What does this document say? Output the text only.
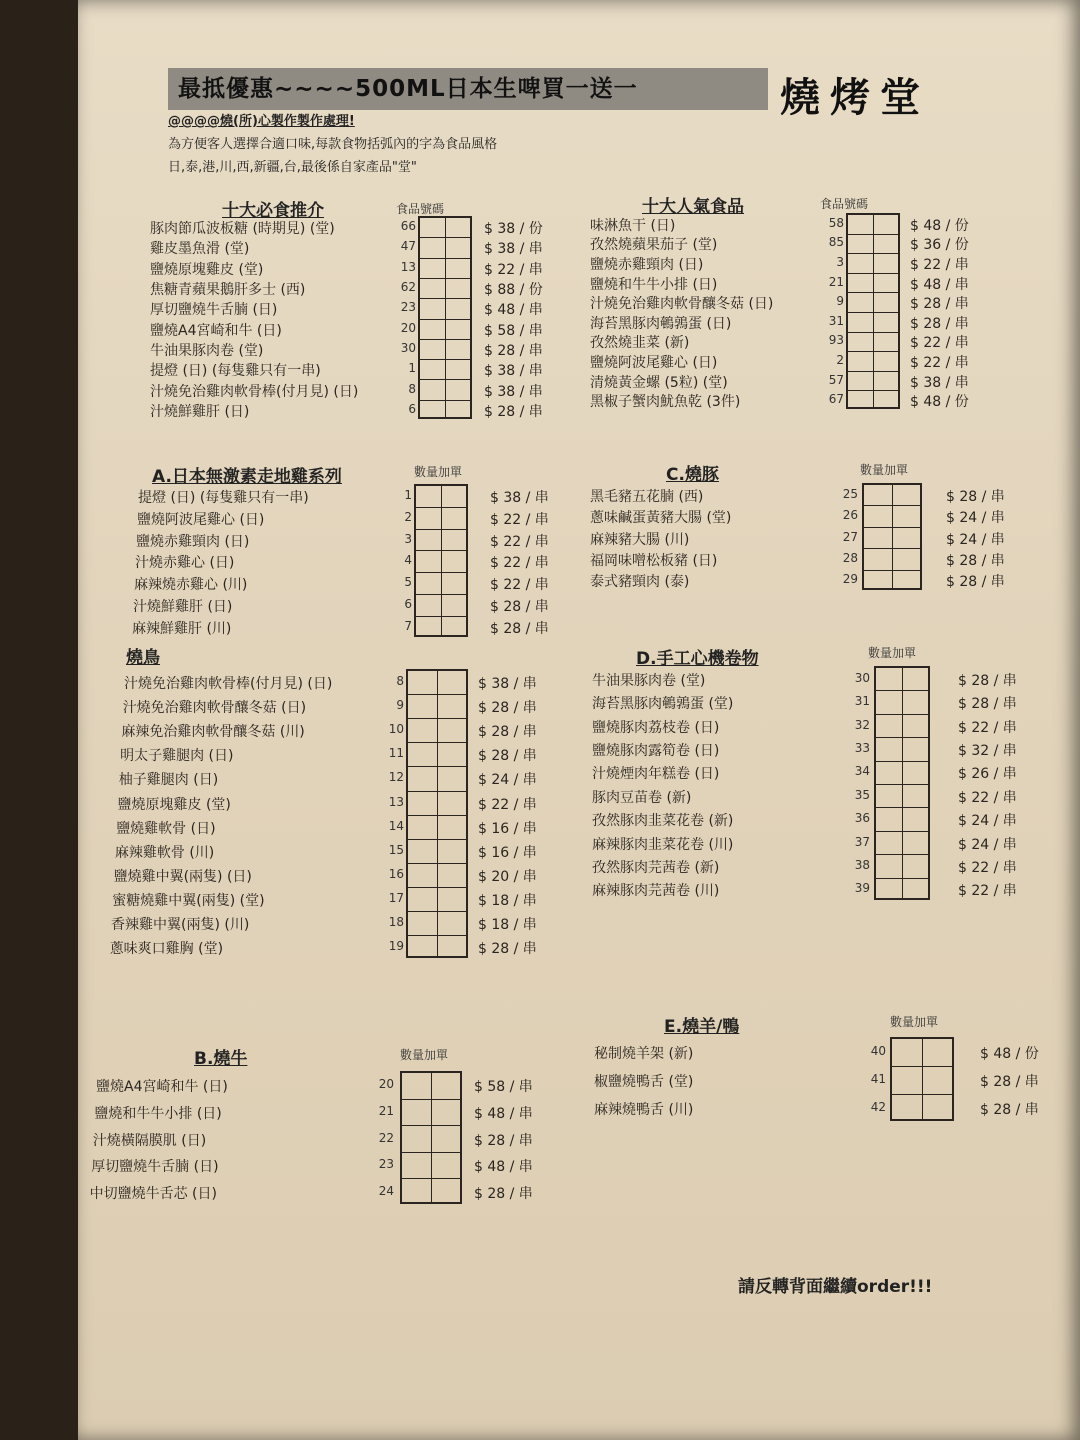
最抵優惠~~~~500ML日本生啤買一送一	燒烤堂
@@@@燒(所)心製作製作處理!
為方便客人選擇合適口味,每款食物括弧內的字為食品風格
日,泰,港,川,西,新疆,台,最後係自家產品"堂"
十大必食推介	食品號碼
豚肉節瓜波板糖 (時期見) (堂)	66	$ 38 / 份
雞皮墨魚滑 (堂)	47	$ 38 / 串
鹽燒原塊雞皮 (堂)	13	$ 22 / 串
焦糖青蘋果鵝肝多士 (西)	62	$ 88 / 份
厚切鹽燒牛舌腩 (日)	23	$ 48 / 串
鹽燒A4宮崎和牛 (日)	20	$ 58 / 串
牛油果豚肉卷 (堂)	30	$ 28 / 串
提燈 (日) (每隻雞只有一串)	1	$ 38 / 串
汁燒免治雞肉軟骨棒(付月見) (日)	8	$ 38 / 串
汁燒鮮雞肝 (日)	6	$ 28 / 串
十大人氣食品	食品號碼
味淋魚干 (日)	58	$ 48 / 份
孜然燒蘋果茄子 (堂)	85	$ 36 / 份
鹽燒赤雞頸肉 (日)	3	$ 22 / 串
鹽燒和牛牛小排 (日)	21	$ 48 / 串
汁燒免治雞肉軟骨釀冬菇 (日)	9	$ 28 / 串
海苔黑豚肉鵪鶉蛋 (日)	31	$ 28 / 串
孜然燒韭菜 (新)	93	$ 22 / 串
鹽燒阿波尾雞心 (日)	2	$ 22 / 串
清燒黃金螺 (5粒) (堂)	57	$ 38 / 串
黑椒子蟹肉魷魚乾 (3件)	67	$ 48 / 份
A.日本無激素走地雞系列	數量加單
提燈 (日) (每隻雞只有一串)	1	$ 38 / 串
鹽燒阿波尾雞心 (日)	2	$ 22 / 串
鹽燒赤雞頸肉 (日)	3	$ 22 / 串
汁燒赤雞心 (日)	4	$ 22 / 串
麻辣燒赤雞心 (川)	5	$ 22 / 串
汁燒鮮雞肝 (日)	6	$ 28 / 串
麻辣鮮雞肝 (川)	7	$ 28 / 串
燒鳥
汁燒免治雞肉軟骨棒(付月見) (日)	8	$ 38 / 串
汁燒免治雞肉軟骨釀冬菇 (日)	9	$ 28 / 串
麻辣免治雞肉軟骨釀冬菇 (川)	10	$ 28 / 串
明太子雞腿肉 (日)	11	$ 28 / 串
柚子雞腿肉 (日)	12	$ 24 / 串
鹽燒原塊雞皮 (堂)	13	$ 22 / 串
鹽燒雞軟骨 (日)	14	$ 16 / 串
麻辣雞軟骨 (川)	15	$ 16 / 串
鹽燒雞中翼(兩隻) (日)	16	$ 20 / 串
蜜糖燒雞中翼(兩隻) (堂)	17	$ 18 / 串
香辣雞中翼(兩隻) (川)	18	$ 18 / 串
蔥味爽口雞胸 (堂)	19	$ 28 / 串
C.燒豚	數量加單
黑毛豬五花腩 (西)	25	$ 28 / 串
蔥味鹹蛋黃豬大腸 (堂)	26	$ 24 / 串
麻辣豬大腸 (川)	27	$ 24 / 串
福岡味噌松板豬 (日)	28	$ 28 / 串
泰式豬頸肉 (泰)	29	$ 28 / 串
D.手工心機卷物	數量加單
牛油果豚肉卷 (堂)	30	$ 28 / 串
海苔黑豚肉鵪鶉蛋 (堂)	31	$ 28 / 串
鹽燒豚肉荔枝卷 (日)	32	$ 22 / 串
鹽燒豚肉露筍卷 (日)	33	$ 32 / 串
汁燒煙肉年糕卷 (日)	34	$ 26 / 串
豚肉豆苗卷 (新)	35	$ 22 / 串
孜然豚肉韭菜花卷 (新)	36	$ 24 / 串
麻辣豚肉韭菜花卷 (川)	37	$ 24 / 串
孜然豚肉芫茜卷 (新)	38	$ 22 / 串
麻辣豚肉芫茜卷 (川)	39	$ 22 / 串
E.燒羊/鴨	數量加單
秘制燒羊架 (新)	40	$ 48 / 份
椒鹽燒鴨舌 (堂)	41	$ 28 / 串
麻辣燒鴨舌 (川)	42	$ 28 / 串
B.燒牛	數量加單
鹽燒A4宮崎和牛 (日)	20	$ 58 / 串
鹽燒和牛牛小排 (日)	21	$ 48 / 串
汁燒橫隔膜肌 (日)	22	$ 28 / 串
厚切鹽燒牛舌腩 (日)	23	$ 48 / 串
中切鹽燒牛舌芯 (日)	24	$ 28 / 串
請反轉背面繼續order!!!
